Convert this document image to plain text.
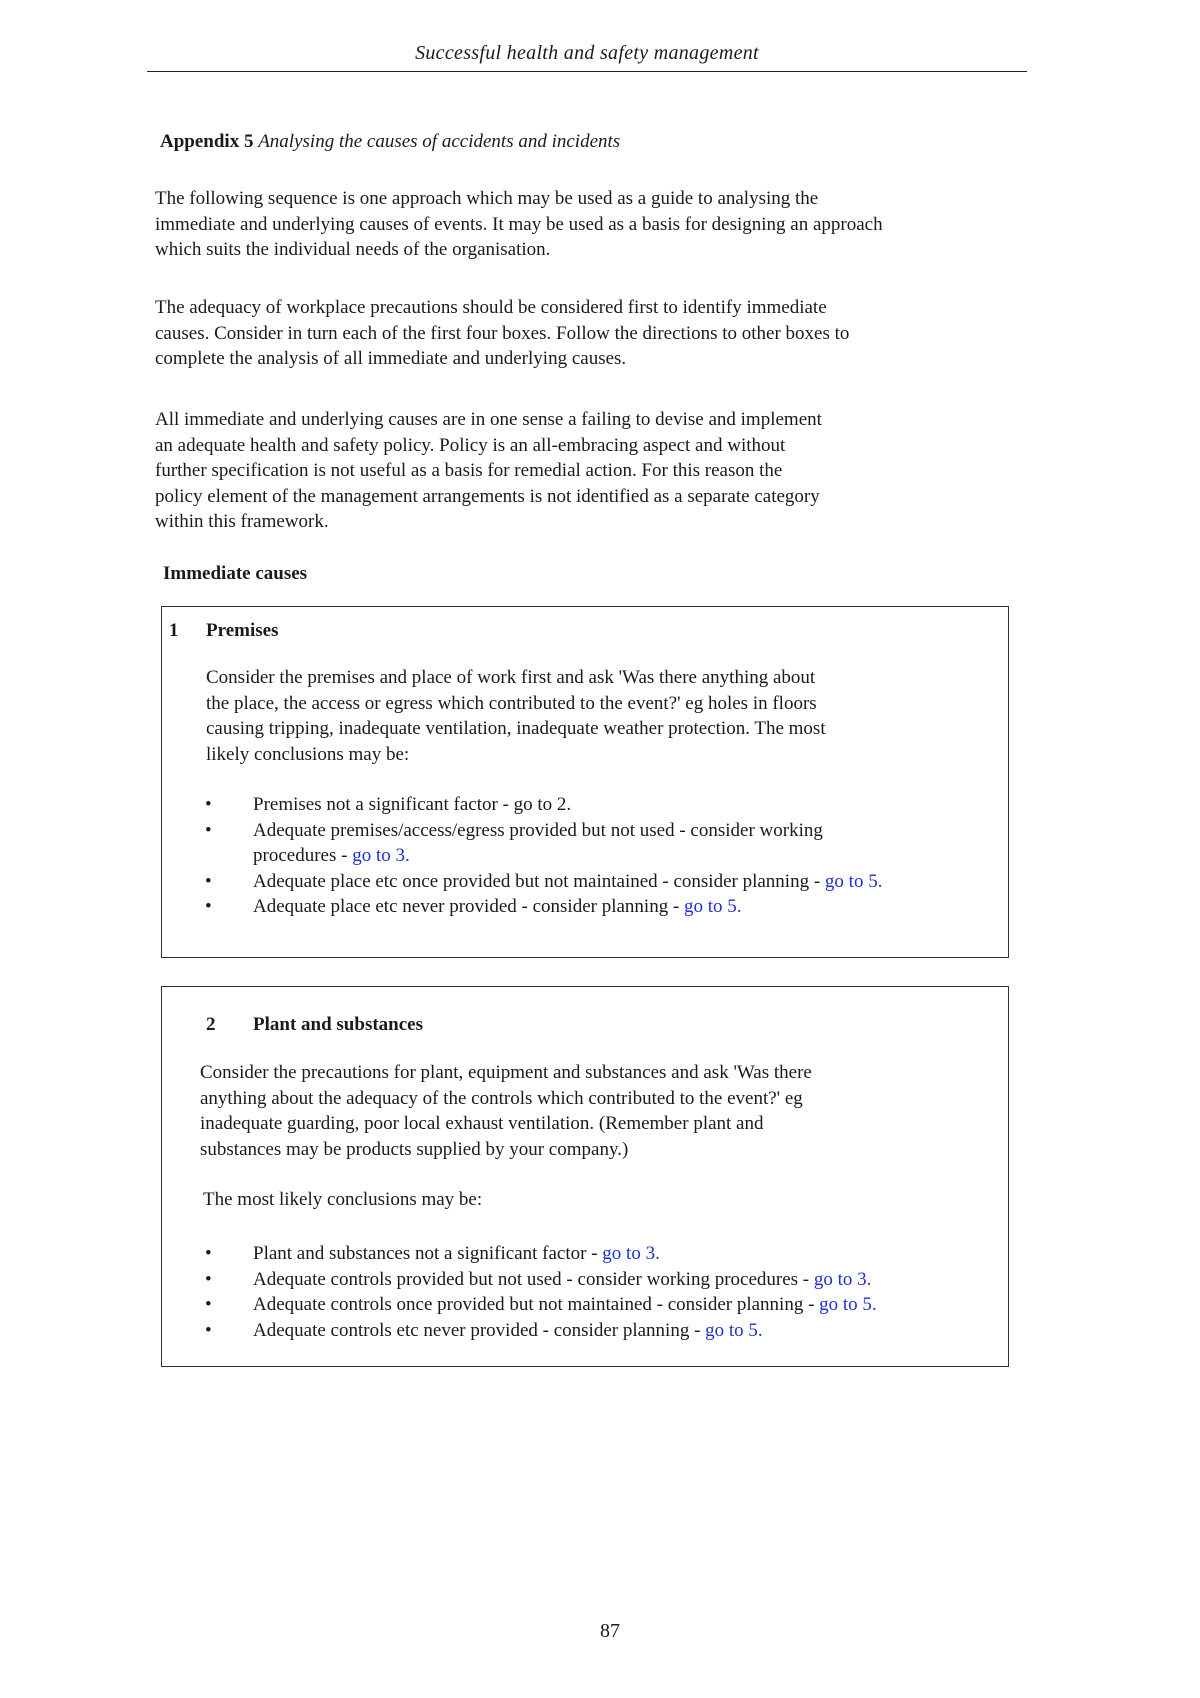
Successful health and safety management
Appendix 5 Analysing the causes of accidents and incidents

The following sequence is one approach which may be used as a guide to analysing the
immediate and underlying causes of events. It may be used as a basis for designing an approach
which suits the individual needs of the organisation.

The adequacy of workplace precautions should be considered first to identify immediate
causes. Consider in turn each of the first four boxes. Follow the directions to other boxes to
complete the analysis of all immediate and underlying causes.

All immediate and underlying causes are in one sense a failing to devise and implement
an adequate health and safety policy. Policy is an all-embracing aspect and without
further specification is not useful as a basis for remedial action. For this reason the
policy element of the management arrangements is not identified as a separate category
within this framework.

Immediate causes
1 Premises

Consider the premises and place of work first and ask 'Was there anything about
the place, the access or egress which contributed to the event?' eg holes in floors
causing tripping, inadequate ventilation, inadequate weather protection. The most
likely conclusions may be:

• Premises not a significant factor - go to 2.
• Adequate premises/access/egress provided but not used - consider working
procedures - go to 3.
• Adequate place etc once provided but not maintained - consider planning - go to 5.
• Adequate place etc never provided - consider planning - go to 5.
2 Plant and substances

Consider the precautions for plant, equipment and substances and ask 'Was there
anything about the adequacy of the controls which contributed to the event?' eg
inadequate guarding, poor local exhaust ventilation. (Remember plant and
substances may be products supplied by your company.)

The most likely conclusions may be:

• Plant and substances not a significant factor - go to 3.
• Adequate controls provided but not used - consider working procedures - go to 3.
• Adequate controls once provided but not maintained - consider planning - go to 5.
• Adequate controls etc never provided - consider planning - go to 5.
87
